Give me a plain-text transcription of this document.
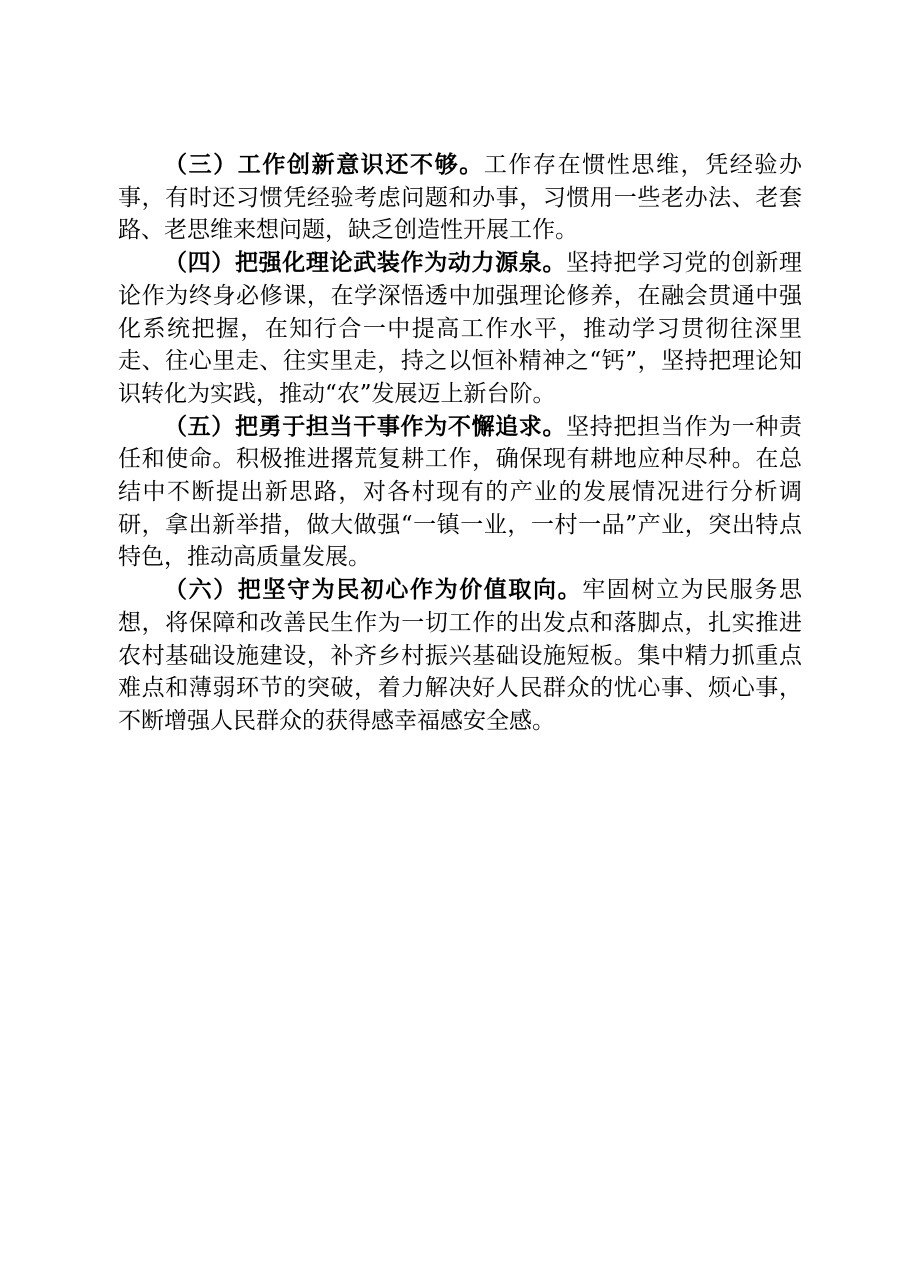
（三）工作创新意识还不够。工作存在惯性思维，凭经验办事，有时还习惯凭经验考虑问题和办事，习惯用一些老办法、老套路、老思维来想问题，缺乏创造性开展工作。

（四）把强化理论武装作为动力源泉。坚持把学习党的创新理论作为终身必修课，在学深悟透中加强理论修养，在融会贯通中强化系统把握，在知行合一中提高工作水平，推动学习贯彻往深里走、往心里走、往实里走，持之以恒补精神之“钙”，坚持把理论知识转化为实践，推动“农”发展迈上新台阶。

（五）把勇于担当干事作为不懈追求。坚持把担当作为一种责任和使命。积极推进撂荒复耕工作，确保现有耕地应种尽种。在总结中不断提出新思路，对各村现有的产业的发展情况进行分析调研，拿出新举措，做大做强“一镇一业，一村一品”产业，突出特点特色，推动高质量发展。

（六）把坚守为民初心作为价值取向。牢固树立为民服务思想，将保障和改善民生作为一切工作的出发点和落脚点，扎实推进农村基础设施建设，补齐乡村振兴基础设施短板。集中精力抓重点难点和薄弱环节的突破，着力解决好人民群众的忧心事、烦心事，不断增强人民群众的获得感幸福感安全感。
